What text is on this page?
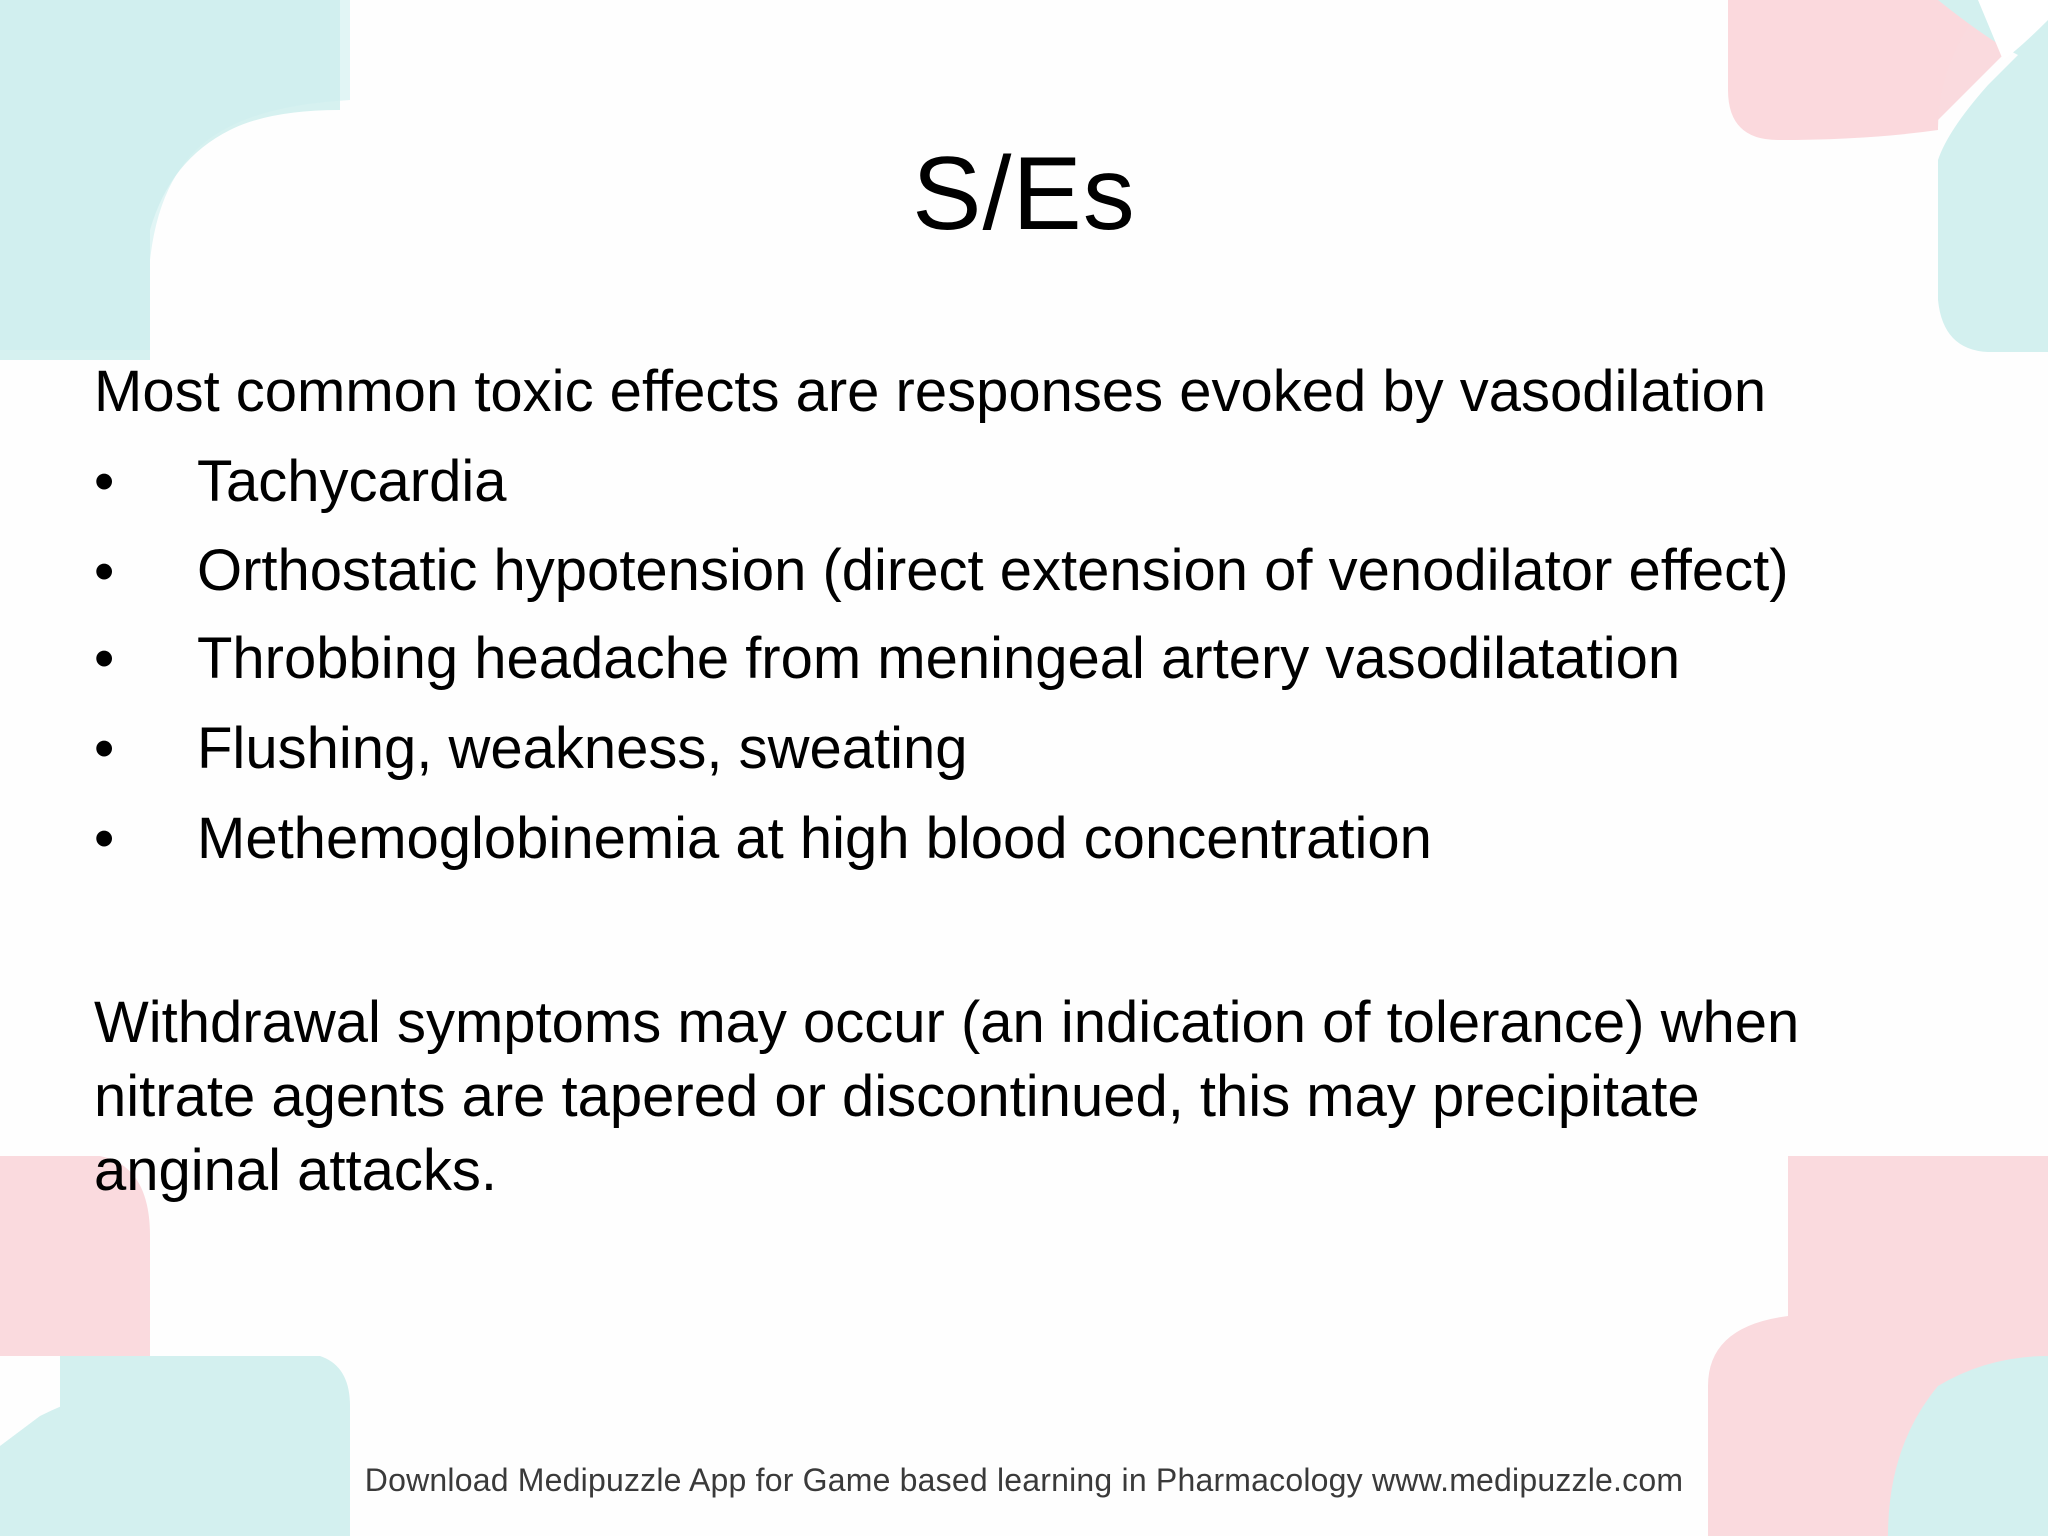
S/Es
Most common toxic effects are responses evoked by vasodilation
•	Tachycardia
•	Orthostatic hypotension (direct extension of venodilator effect)
•	Throbbing headache from meningeal artery vasodilatation
•	Flushing, weakness, sweating
•	Methemoglobinemia at high blood concentration

Withdrawal symptoms may occur (an indication of tolerance) when nitrate agents are tapered or discontinued, this may precipitate anginal attacks.

Download Medipuzzle App for Game based learning in Pharmacology www.medipuzzle.com
